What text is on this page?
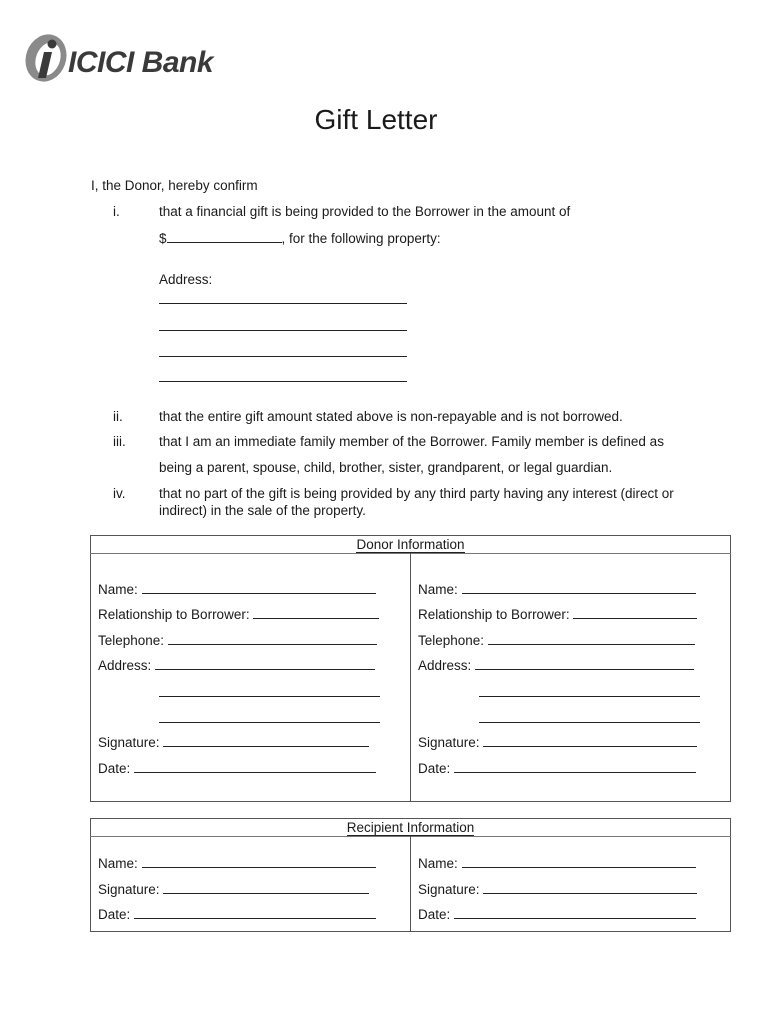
ICICI Bank
Gift Letter
I, the Donor, hereby confirm
i.	that a financial gift is being provided to the Borrower in the amount of
$	, for the following property:
Address:
ii.	that the entire gift amount stated above is non-repayable and is not borrowed.
iii. that I am an immediate family member of the Borrower. Family member is defined as
being a parent, spouse, child, brother, sister, grandparent, or legal guardian.
iv. that no part of the gift is being provided by any third party having any interest (direct or
indirect) in the sale of the property.
Donor Information
Name:
Relationship to Borrower:
Telephone:
Address:
Signature:
Date:
Name:
Relationship to Borrower:
Telephone:
Address:
Signature:
Date:
Recipient Information
Name:
Signature:
Date:
Name:
Signature:
Date:
